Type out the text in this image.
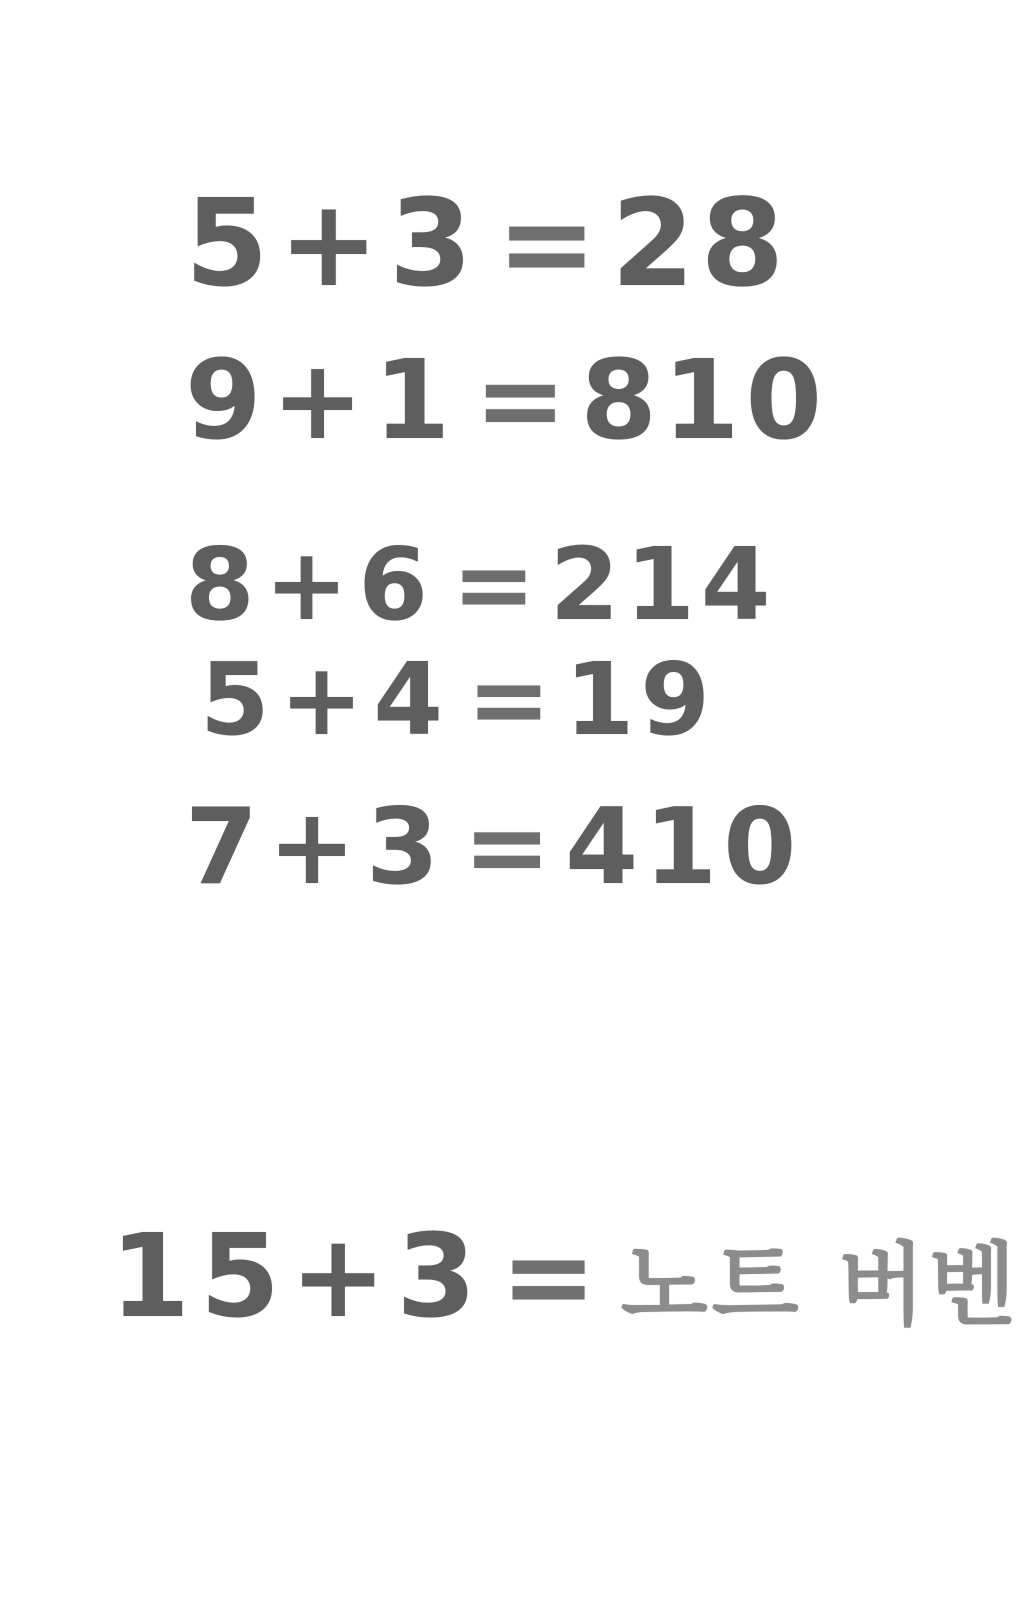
5+3 = 28
9+1 = 810
8+6 = 214
5+4 = 19
7+3 = 410
15+3 = 노트 버벤
